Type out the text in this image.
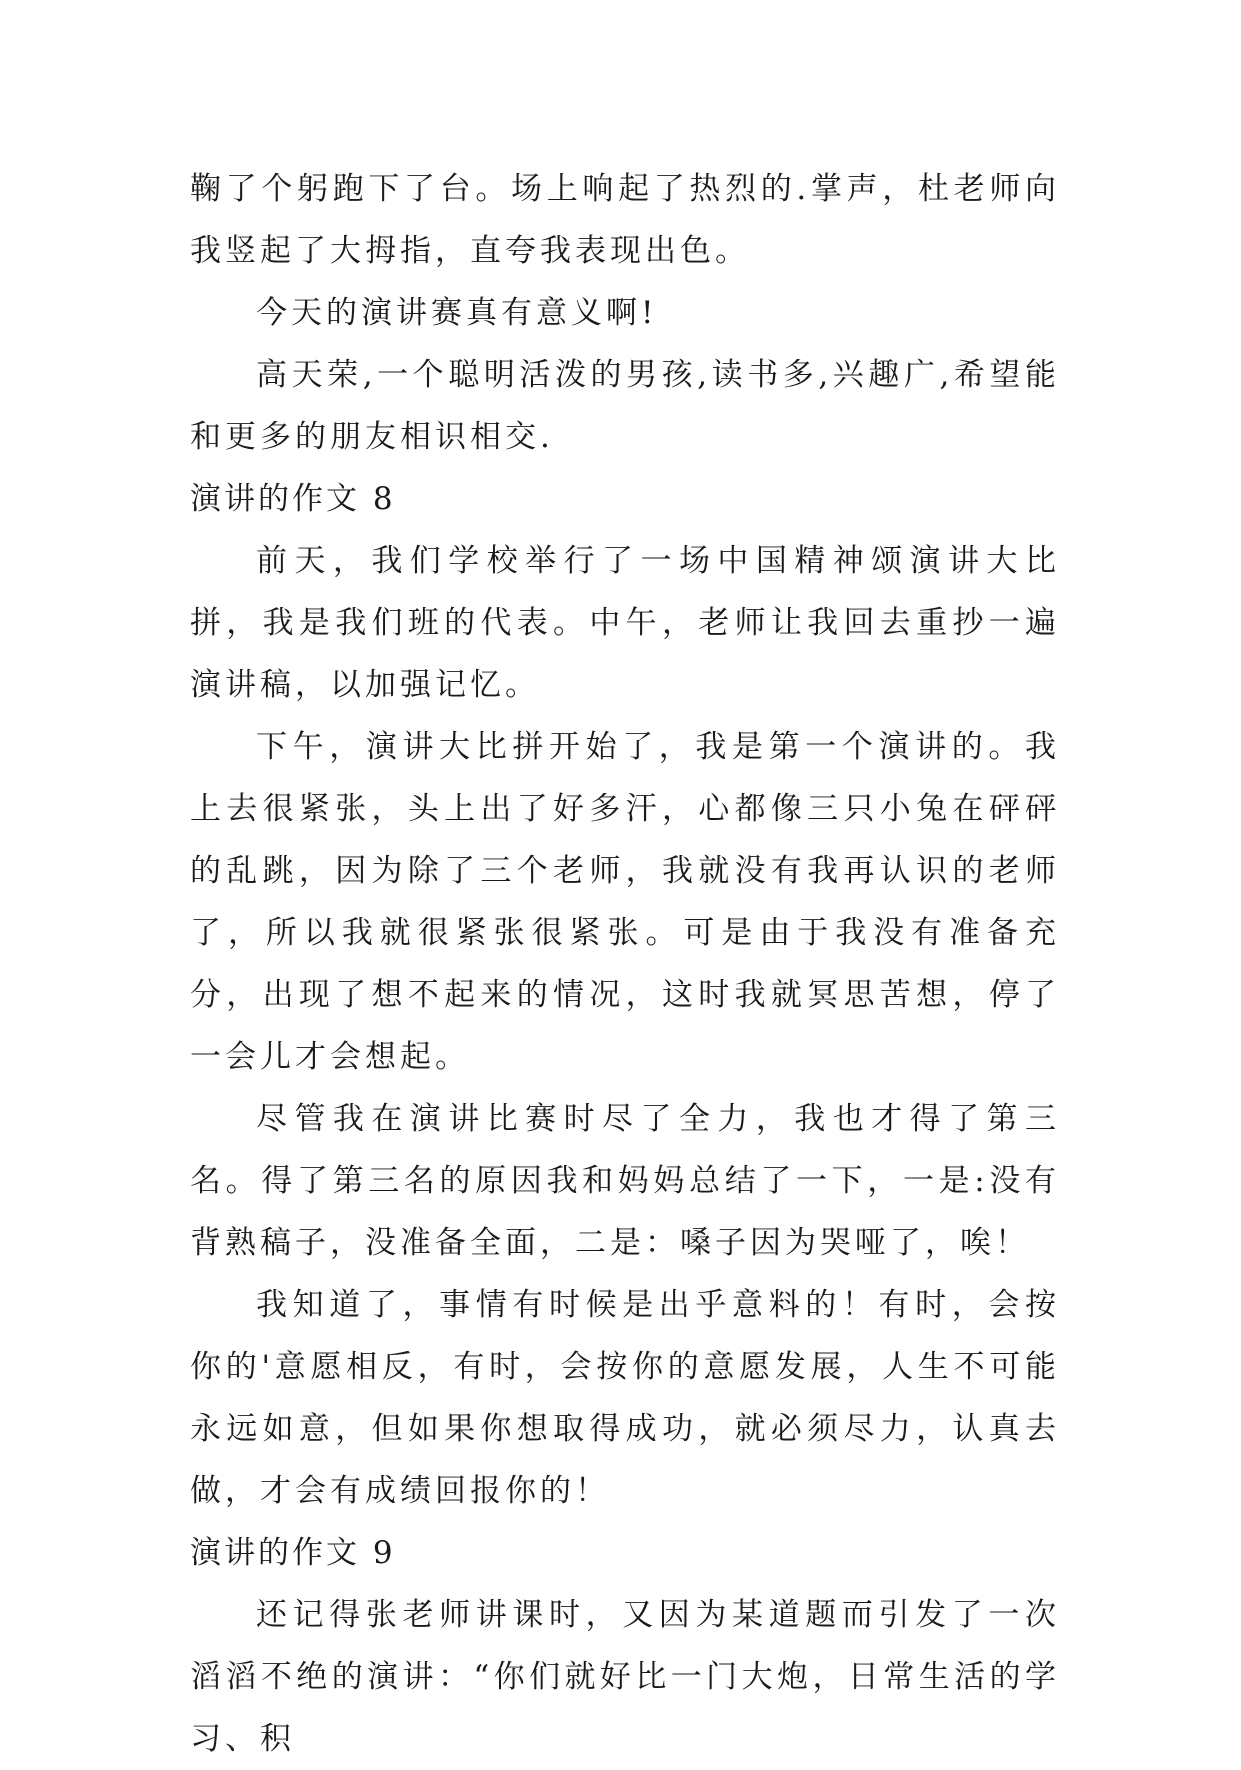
鞠了个躬跑下了台。场上响起了热烈的.掌声，杜老师向我竖起了大拇指，直夸我表现出色。

今天的演讲赛真有意义啊!

高天荣,一个聪明活泼的男孩,读书多,兴趣广,希望能和更多的朋友相识相交.

演讲的作文 8

前天，我们学校举行了一场中国精神颂演讲大比拼，我是我们班的代表。中午，老师让我回去重抄一遍演讲稿，以加强记忆。

下午，演讲大比拼开始了，我是第一个演讲的。我上去很紧张，头上出了好多汗，心都像三只小兔在砰砰的乱跳，因为除了三个老师，我就没有我再认识的老师了，所以我就很紧张很紧张。可是由于我没有准备充分，出现了想不起来的情况，这时我就冥思苦想，停了一会儿才会想起。

尽管我在演讲比赛时尽了全力，我也才得了第三名。得了第三名的原因我和妈妈总结了一下，一是:没有背熟稿子，没准备全面，二是：嗓子因为哭哑了，唉！

我知道了，事情有时候是出乎意料的！有时，会按你的'意愿相反，有时，会按你的意愿发展，人生不可能永远如意，但如果你想取得成功，就必须尽力，认真去做，才会有成绩回报你的！

演讲的作文 9

还记得张老师讲课时，又因为某道题而引发了一次滔滔不绝的演讲：“你们就好比一门大炮，日常生活的学习、积
